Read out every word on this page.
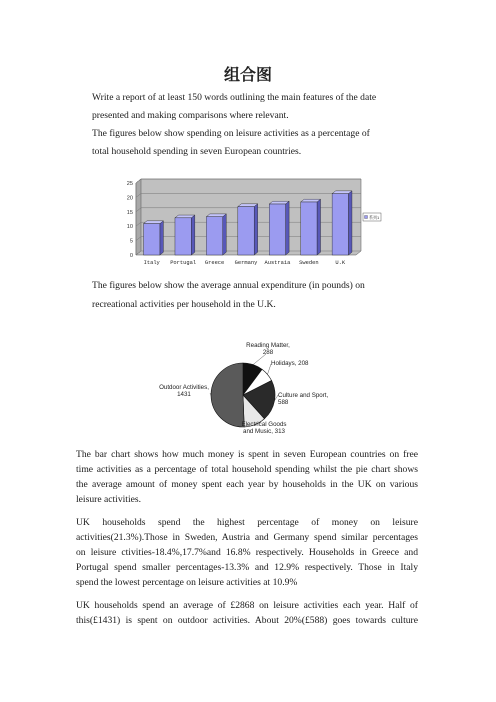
组合图

Write a report of at least 150 words outlining the main features of the date

presented and making comparisons where relevant.

The figures below show spending on leisure activities as a percentage of

total household spending in seven European countries.

0
5
10
15
20
25
Italy Portugal Greece Germany Austraia Sweden	U.K
系列1

The figures below show the average annual expenditure (in pounds) on

recreational activities per household in the U.K.

Reading Matter,
288
Holidays, 208
Culture and Sport,
588
Electrical Goods
and Music, 313
Outdoor Activities,
1431

The bar chart shows how much money is spent in seven European countries on free

time activities as a percentage of total household spending whilst the pie chart shows

the average amount of money spent each year by households in the UK on various

leisure activities.

UK households spend the highest percentage of money on leisure

activities(21.3%).Those in Sweden, Austria and Germany spend similar percentages

on leisure ctivities-18.4%,17.7%and 16.8% respectively. Households in Greece and

Portugal spend smaller percentages-13.3% and 12.9% respectively. Those in Italy

spend the lowest percentage on leisure activities at 10.9%

UK households spend an average of £2868 on leisure activities each year. Half of

this(£1431) is spent on outdoor activities. About 20%(£588) goes towards culture
